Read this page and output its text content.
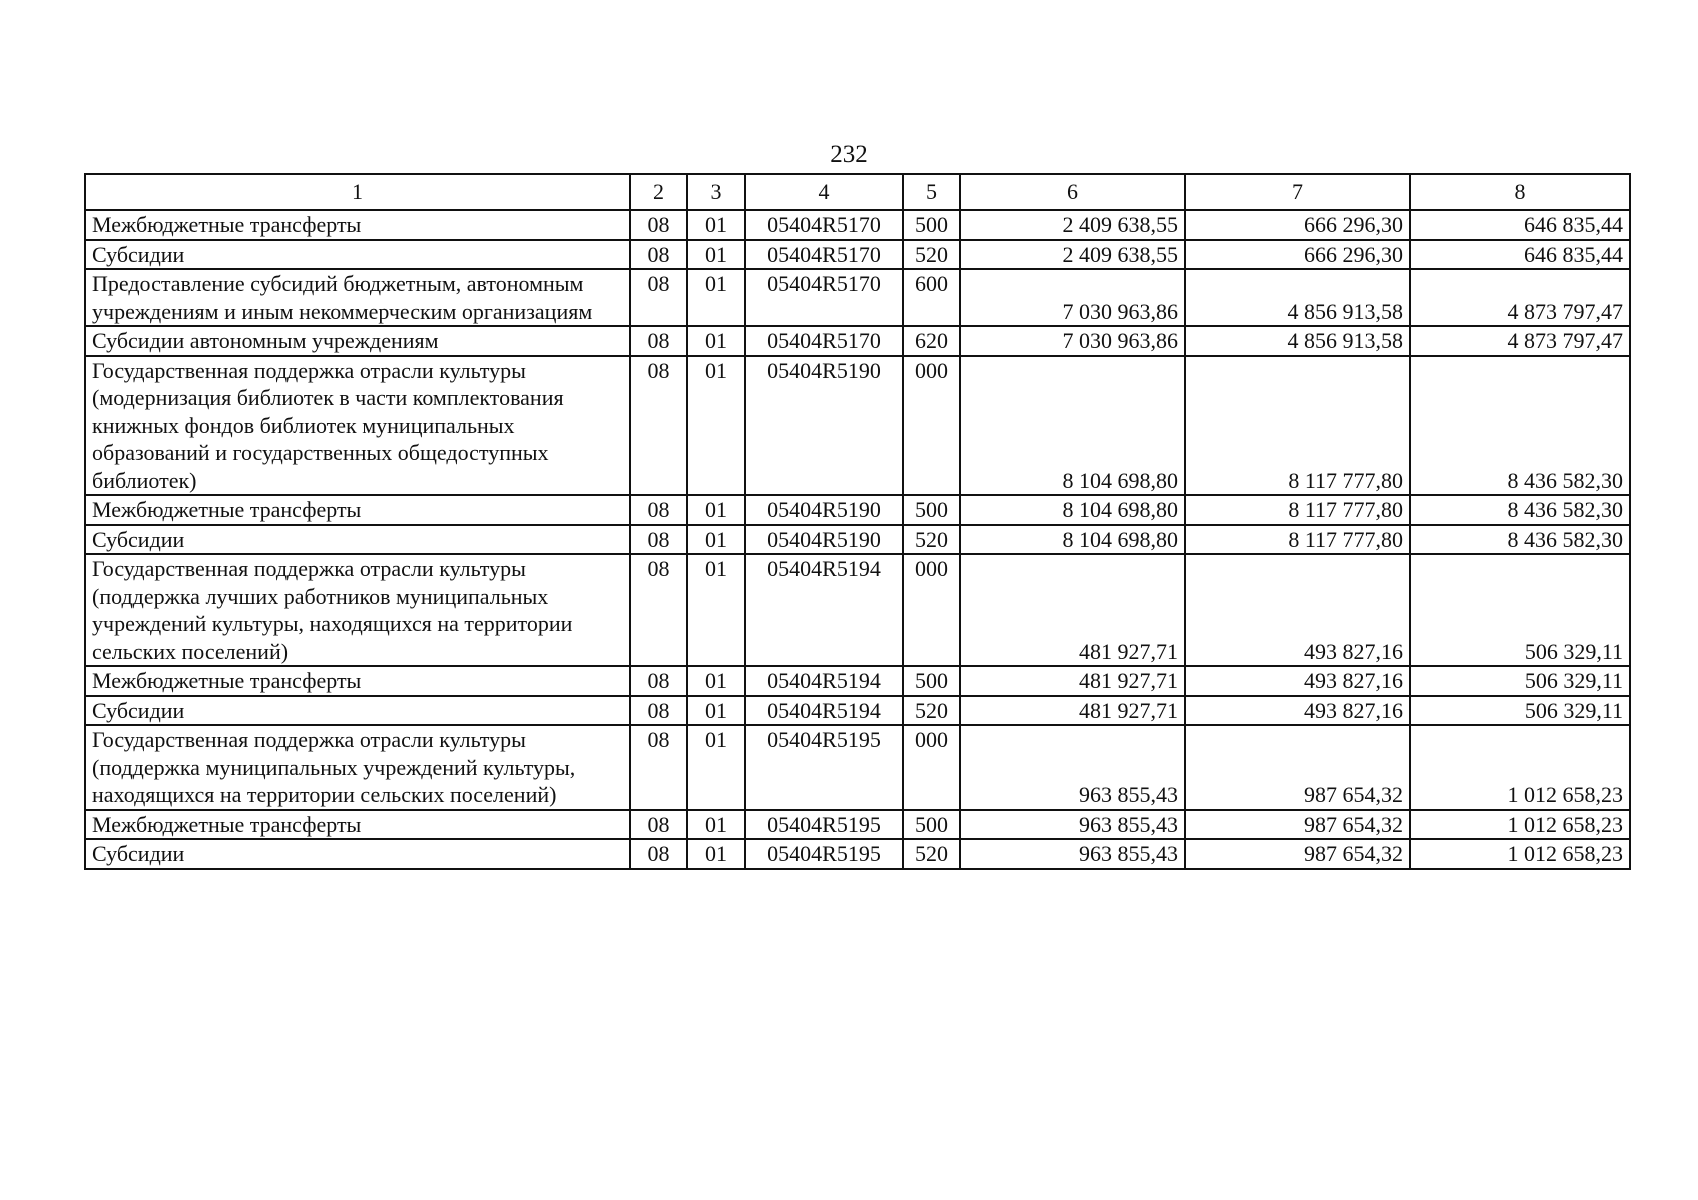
232
1	2	3	4	5	6	7	8
Межбюджетные трансферты	08	01	05404R5170	500	2 409 638,55	666 296,30	646 835,44
Субсидии	08	01	05404R5170	520	2 409 638,55	666 296,30	646 835,44
Предоставление субсидий бюджетным, автономным учреждениям и иным некоммерческим организациям	08	01	05404R5170	600	7 030 963,86	4 856 913,58	4 873 797,47
Субсидии автономным учреждениям	08	01	05404R5170	620	7 030 963,86	4 856 913,58	4 873 797,47
Государственная поддержка отрасли культуры (модернизация библиотек в части комплектования книжных фондов библиотек муниципальных образований и государственных общедоступных библиотек)	08	01	05404R5190	000	8 104 698,80	8 117 777,80	8 436 582,30
Межбюджетные трансферты	08	01	05404R5190	500	8 104 698,80	8 117 777,80	8 436 582,30
Субсидии	08	01	05404R5190	520	8 104 698,80	8 117 777,80	8 436 582,30
Государственная поддержка отрасли культуры (поддержка лучших работников муниципальных учреждений культуры, находящихся на территории сельских поселений)	08	01	05404R5194	000	481 927,71	493 827,16	506 329,11
Межбюджетные трансферты	08	01	05404R5194	500	481 927,71	493 827,16	506 329,11
Субсидии	08	01	05404R5194	520	481 927,71	493 827,16	506 329,11
Государственная поддержка отрасли культуры (поддержка муниципальных учреждений культуры, находящихся на территории сельских поселений)	08	01	05404R5195	000	963 855,43	987 654,32	1 012 658,23
Межбюджетные трансферты	08	01	05404R5195	500	963 855,43	987 654,32	1 012 658,23
Субсидии	08	01	05404R5195	520	963 855,43	987 654,32	1 012 658,23
